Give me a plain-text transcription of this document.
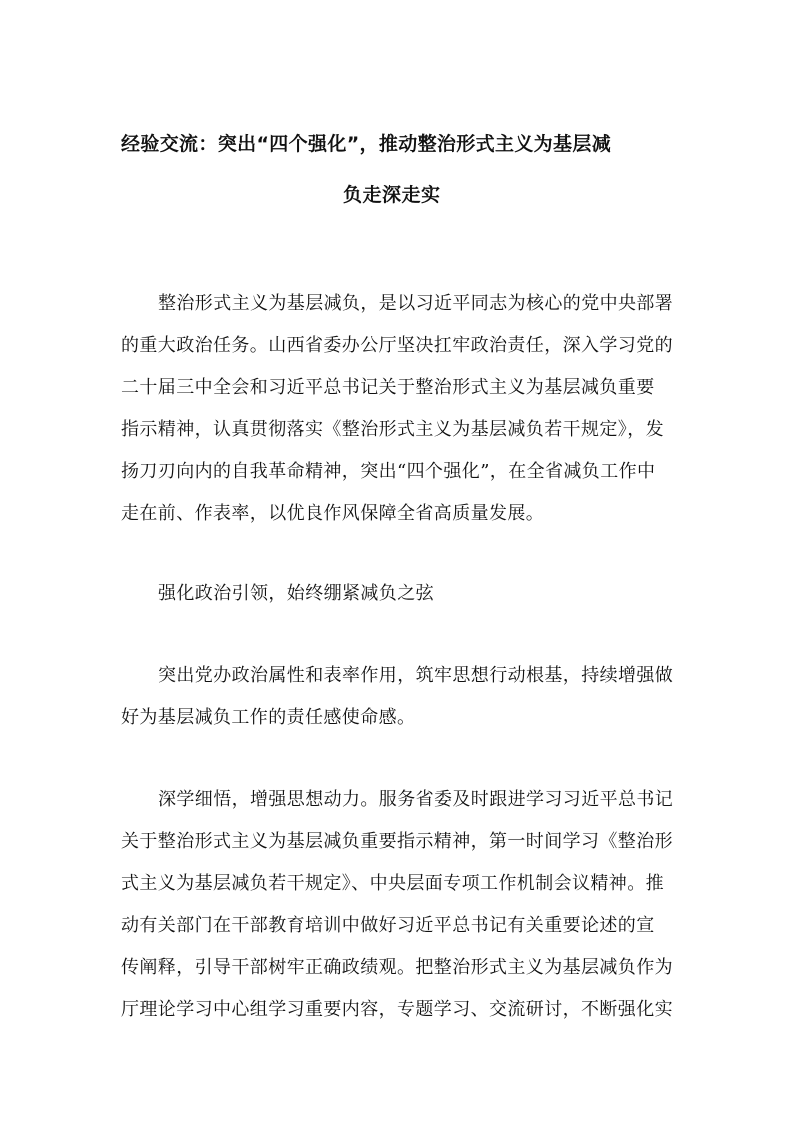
经验交流：突出“四个强化”，推动整治形式主义为基层减
负走深走实
整治形式主义为基层减负，是以习近平同志为核心的党中央部署
的重大政治任务。山西省委办公厅坚决扛牢政治责任，深入学习党的
二十届三中全会和习近平总书记关于整治形式主义为基层减负重要
指示精神，认真贯彻落实《整治形式主义为基层减负若干规定》，发
扬刀刃向内的自我革命精神，突出“四个强化”，在全省减负工作中
走在前、作表率，以优良作风保障全省高质量发展。
强化政治引领，始终绷紧减负之弦
突出党办政治属性和表率作用，筑牢思想行动根基，持续增强做
好为基层减负工作的责任感使命感。
深学细悟，增强思想动力。服务省委及时跟进学习习近平总书记
关于整治形式主义为基层减负重要指示精神，第一时间学习《整治形
式主义为基层减负若干规定》、中央层面专项工作机制会议精神。推
动有关部门在干部教育培训中做好习近平总书记有关重要论述的宣
传阐释，引导干部树牢正确政绩观。把整治形式主义为基层减负作为
厅理论学习中心组学习重要内容，专题学习、交流研讨，不断强化实
